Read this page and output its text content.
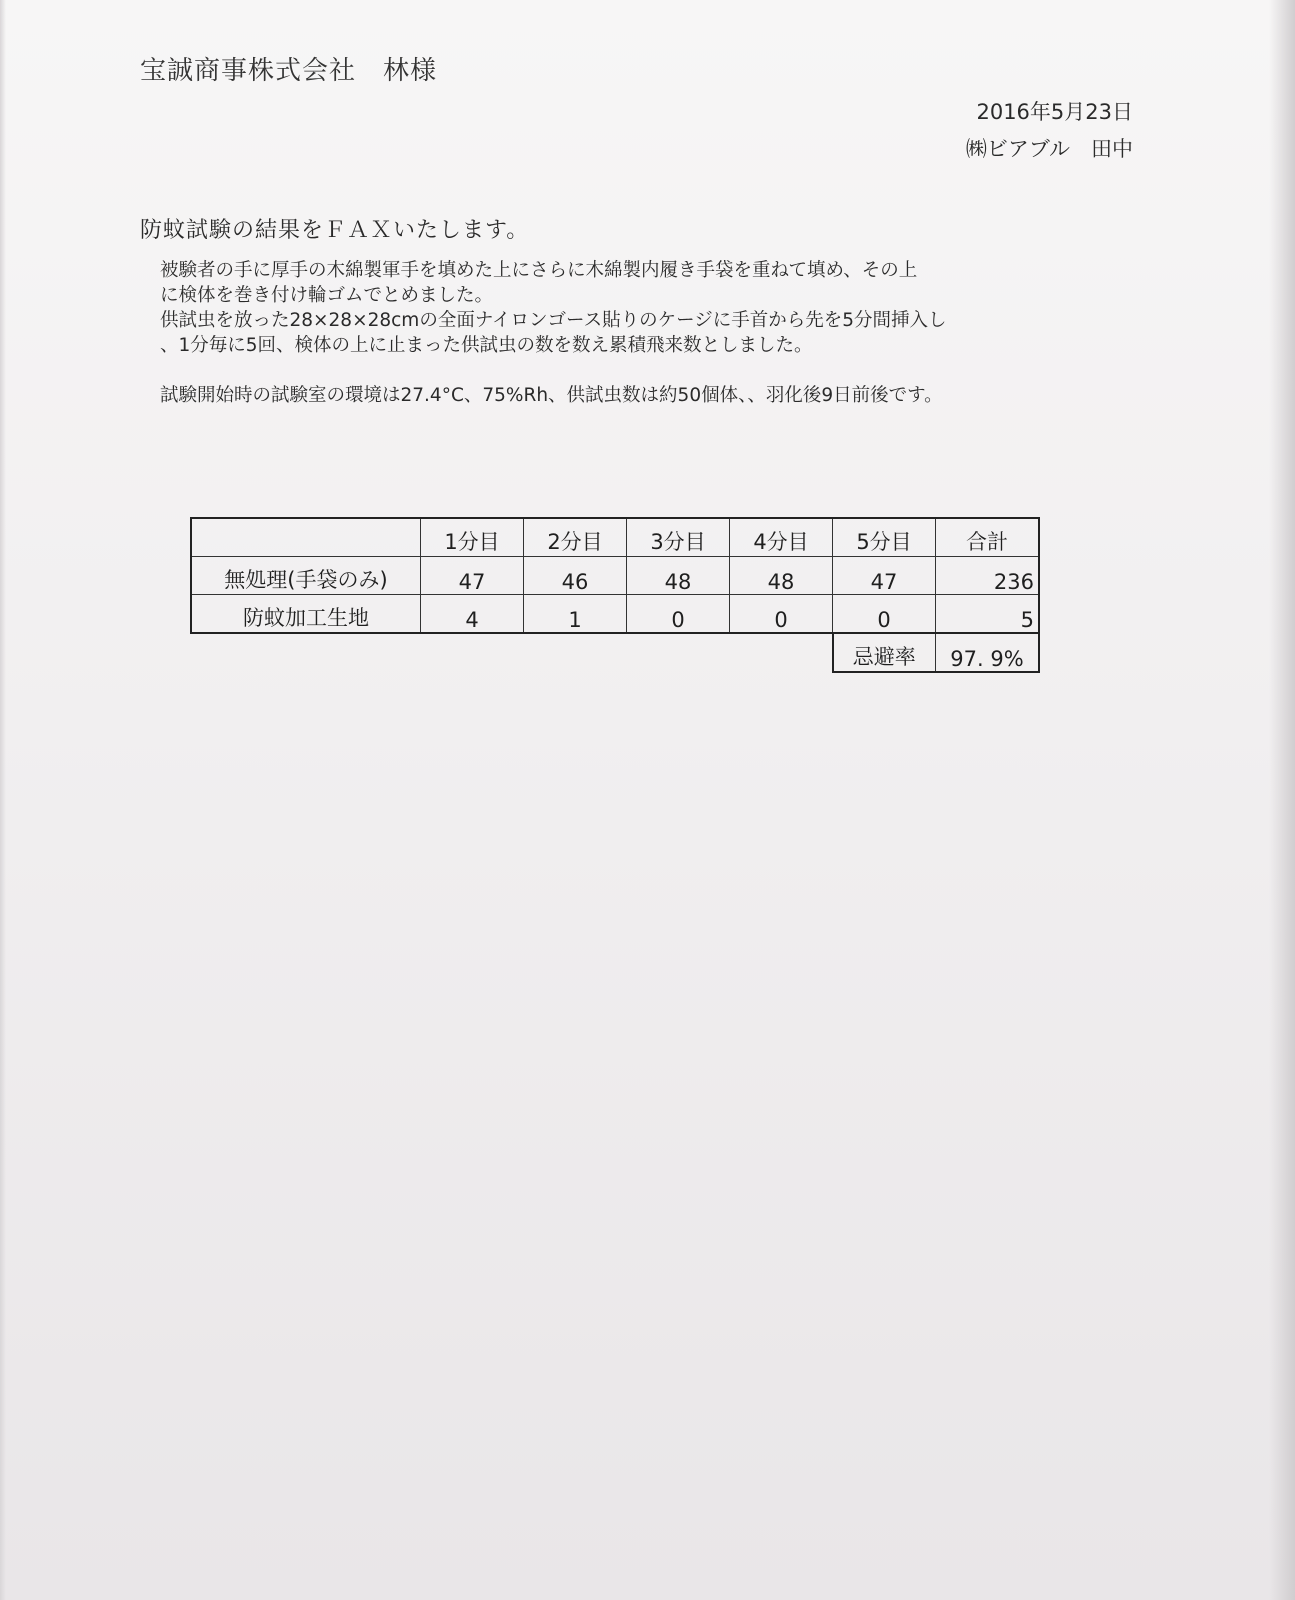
宝誠商事株式会社　林様
2016年5月23日
㈱ビアブル　田中
防蚊試験の結果をＦＡＸいたします。

被験者の手に厚手の木綿製軍手を填めた上にさらに木綿製内履き手袋を重ねて填め、その上

に検体を巻き付け輪ゴムでとめました。

供試虫を放った28×28×28cmの全面ナイロンゴース貼りのケージに手首から先を5分間挿入し

、1分毎に5回、検体の上に止まった供試虫の数を数え累積飛来数としました。

試験開始時の試験室の環境は27.4°C、75%Rh、供試虫数は約50個体、、羽化後9日前後です。

	1分目	2分目	3分目	4分目	5分目	合計
無処理(手袋のみ)	47	46	48	48	47	236
防蚊加工生地	4	1	0	0	0	5
					忌避率	97. 9%
